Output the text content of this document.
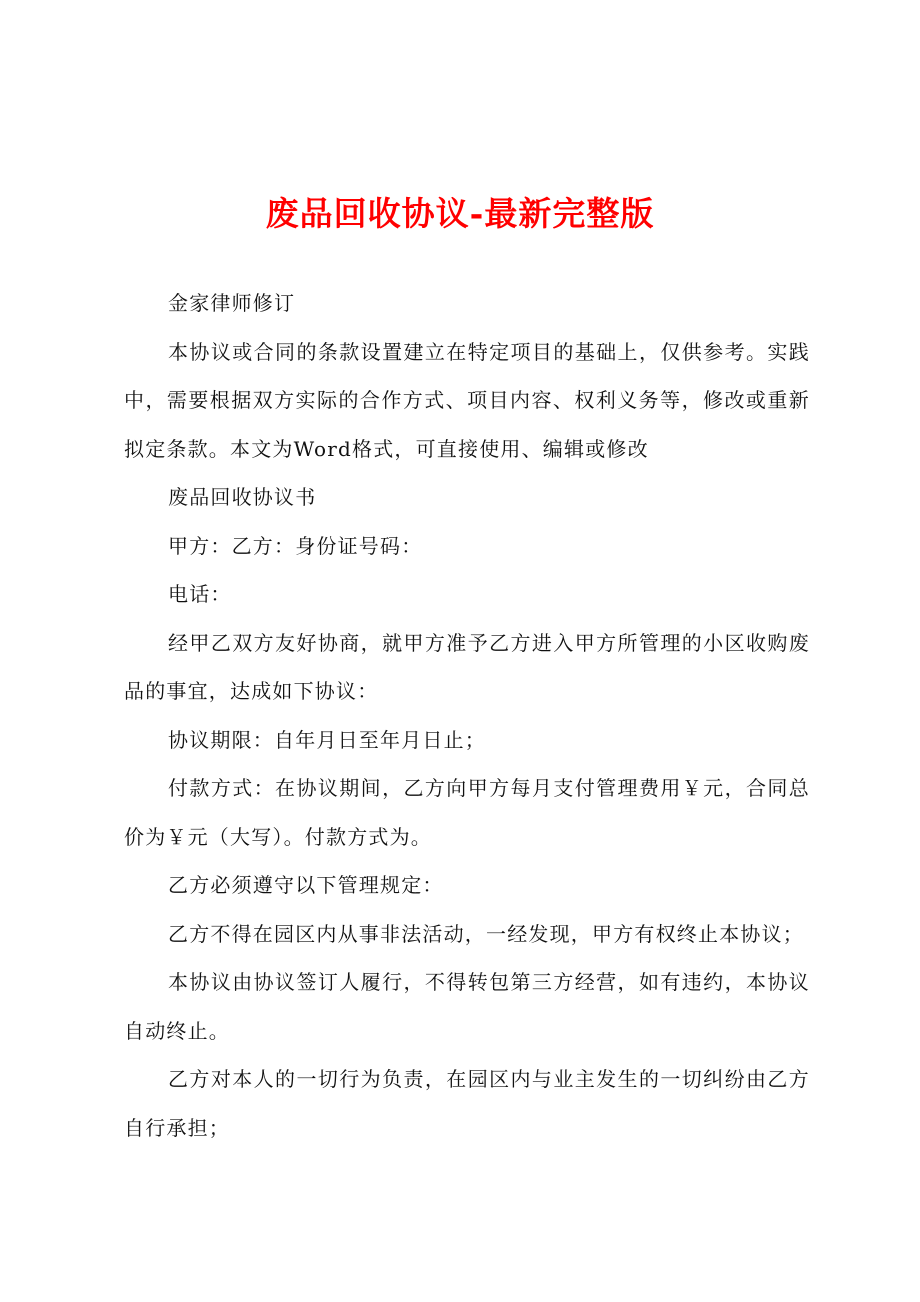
废品回收协议-最新完整版

金家律师修订

本协议或合同的条款设置建立在特定项目的基础上，仅供参考。实践中，需要根据双方实际的合作方式、项目内容、权利义务等，修改或重新拟定条款。本文为Word格式，可直接使用、编辑或修改

废品回收协议书

甲方：乙方：身份证号码：

电话：

经甲乙双方友好协商，就甲方准予乙方进入甲方所管理的小区收购废品的事宜，达成如下协议：

协议期限：自年月日至年月日止；

付款方式：在协议期间，乙方向甲方每月支付管理费用￥元，合同总价为￥元（大写）。付款方式为。

乙方必须遵守以下管理规定：

乙方不得在园区内从事非法活动，一经发现，甲方有权终止本协议；

本协议由协议签订人履行，不得转包第三方经营，如有违约，本协议自动终止。

乙方对本人的一切行为负责，在园区内与业主发生的一切纠纷由乙方自行承担；
